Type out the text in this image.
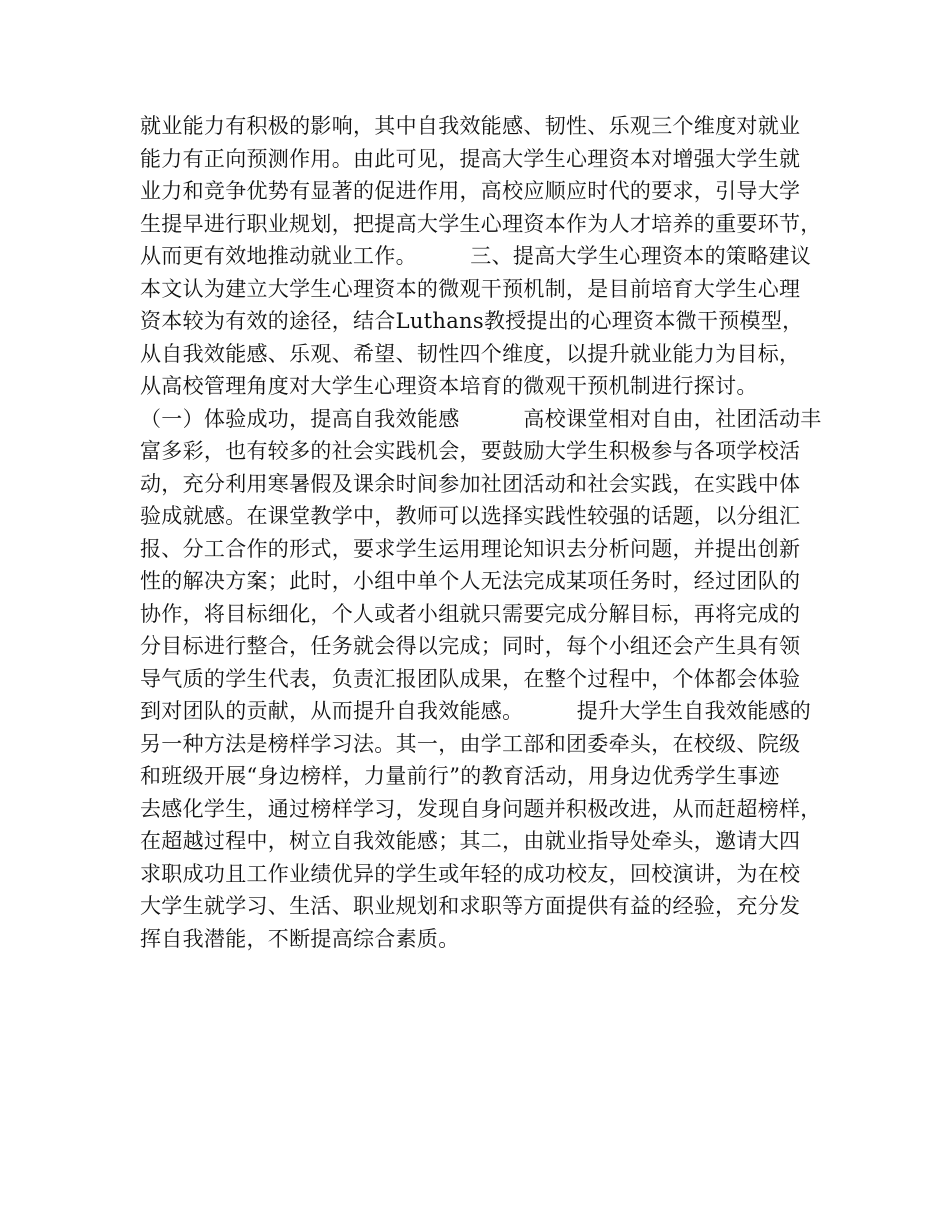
就业能力有积极的影响，其中自我效能感、韧性、乐观三个维度对就业
能力有正向预测作用。由此可见，提高大学生心理资本对增强大学生就
业力和竞争优势有显著的促进作用，高校应顺应时代的要求，引导大学
生提早进行职业规划，把提高大学生心理资本作为人才培养的重要环节，
从而更有效地推动就业工作。　　　三、提高大学生心理资本的策略建议
本文认为建立大学生心理资本的微观干预机制，是目前培育大学生心理
资本较为有效的途径，结合Luthans教授提出的心理资本微干预模型，
从自我效能感、乐观、希望、韧性四个维度，以提升就业能力为目标，
从高校管理角度对大学生心理资本培育的微观干预机制进行探讨。
（一）体验成功，提高自我效能感　　　高校课堂相对自由，社团活动丰
富多彩，也有较多的社会实践机会，要鼓励大学生积极参与各项学校活
动，充分利用寒暑假及课余时间参加社团活动和社会实践，在实践中体
验成就感。在课堂教学中，教师可以选择实践性较强的话题，以分组汇
报、分工合作的形式，要求学生运用理论知识去分析问题，并提出创新
性的解决方案；此时，小组中单个人无法完成某项任务时，经过团队的
协作，将目标细化，个人或者小组就只需要完成分解目标，再将完成的
分目标进行整合，任务就会得以完成；同时，每个小组还会产生具有领
导气质的学生代表，负责汇报团队成果，在整个过程中，个体都会体验
到对团队的贡献，从而提升自我效能感。　　　提升大学生自我效能感的
另一种方法是榜样学习法。其一，由学工部和团委牵头，在校级、院级
和班级开展“身边榜样，力量前行”的教育活动，用身边优秀学生事迹
去感化学生，通过榜样学习，发现自身问题并积极改进，从而赶超榜样，
在超越过程中，树立自我效能感；其二，由就业指导处牵头，邀请大四
求职成功且工作业绩优异的学生或年轻的成功校友，回校演讲，为在校
大学生就学习、生活、职业规划和求职等方面提供有益的经验，充分发
挥自我潜能，不断提高综合素质。
